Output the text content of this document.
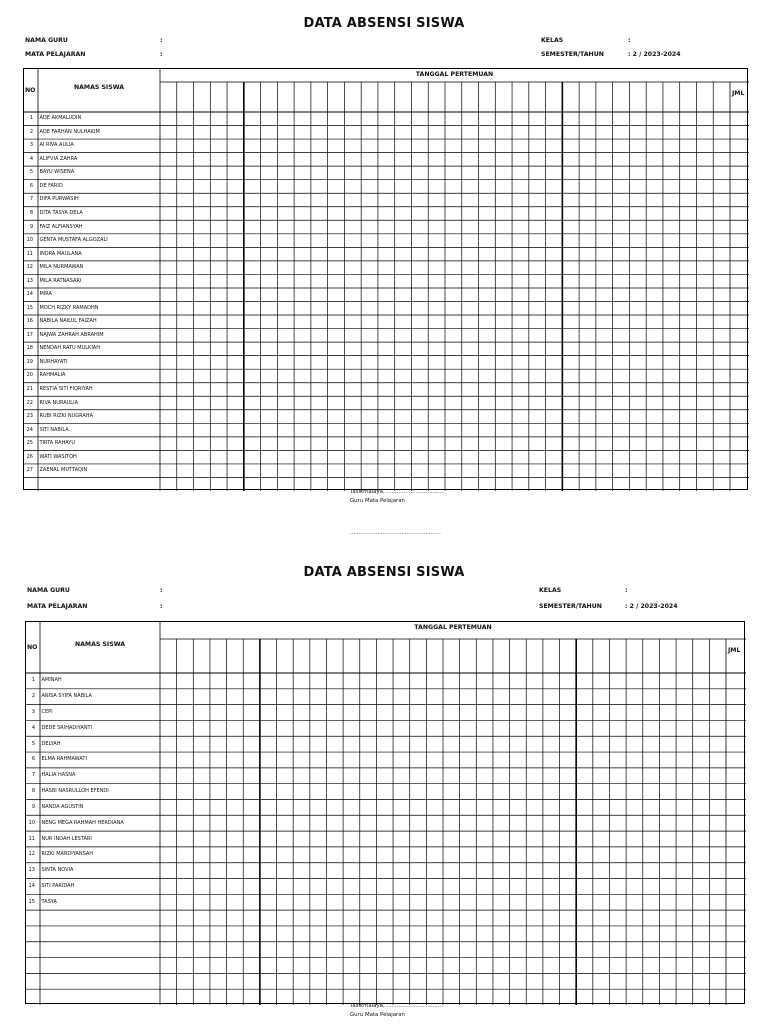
DATA ABSENSI SISWA
NAMA GURU	:
MATA PELAJARAN	:
KELAS	:
SEMESTER/TAHUN	: 2 / 2023-2024
NO	NAMAS SISWA
TANGGAL PERTEMUAN
JML
1 ADE AKMALUDIN
2 ADE FARHAN NULHAKIM
3 AI RIVA AULIA
4 ALIFVIA ZAHRA
5 BAYU WISENA
6 DE FARID
7 DIFA PURWASIH
8 DITA TASYA DELA
9 FAIZ ALFIANSYAH
10 GENTA MUSTAFA ALGOZALI
11 INDRA MAULANA
12 MILA NURMAWAN
13 MILA RATNASARI
14 MIRA
15 MOCH RIZKY RAMADHN
16 NABILA NAILUL FAIZAH
17 NAJWA ZAHRAH ABRAHIM
18 NENDAH RATU MULKIAH
19 NURHAYATI
20 RAHMALIA
21 RESTIA SITI FIQRIYAH
22 RIVA NURAULIA
23 RUBI RIZKI NUGRAHA
24 SITI NABILA
25 TIRTA RAHAYU
26 WATI WASITOH
27 ZAENAL MUTTAQIN
Tasikmalaya, ..................................
Guru Mata Pelajaran
.....................................................
DATA ABSENSI SISWA
NAMA GURU	:
MATA PELAJARAN	:
KELAS	:
SEMESTER/TAHUN	: 2 / 2023-2024
NO	NAMAS SISWA
TANGGAL PERTEMUAN
JML
1 AMINAH
2 ANISA SYIFA NABILA
3 CEPI
4 DEDE SRIHADIYANTI
5 DELYAH
6 ELMA RAHMAWATI
7 HALIA HASNA
8 HASBI NASRULLOH EFENDI
9 NANDA AGUSTIN
10 NENG MEGA RAHMAH HERDIANA
11 NUR INDAH LESTARI
12 RIZKI MARDIYANSAH
13 SINTA NOVIA
14 SITI PARIDAH
15 TASYA
Tasikmalaya, ..................................
Guru Mata Pelajaran
